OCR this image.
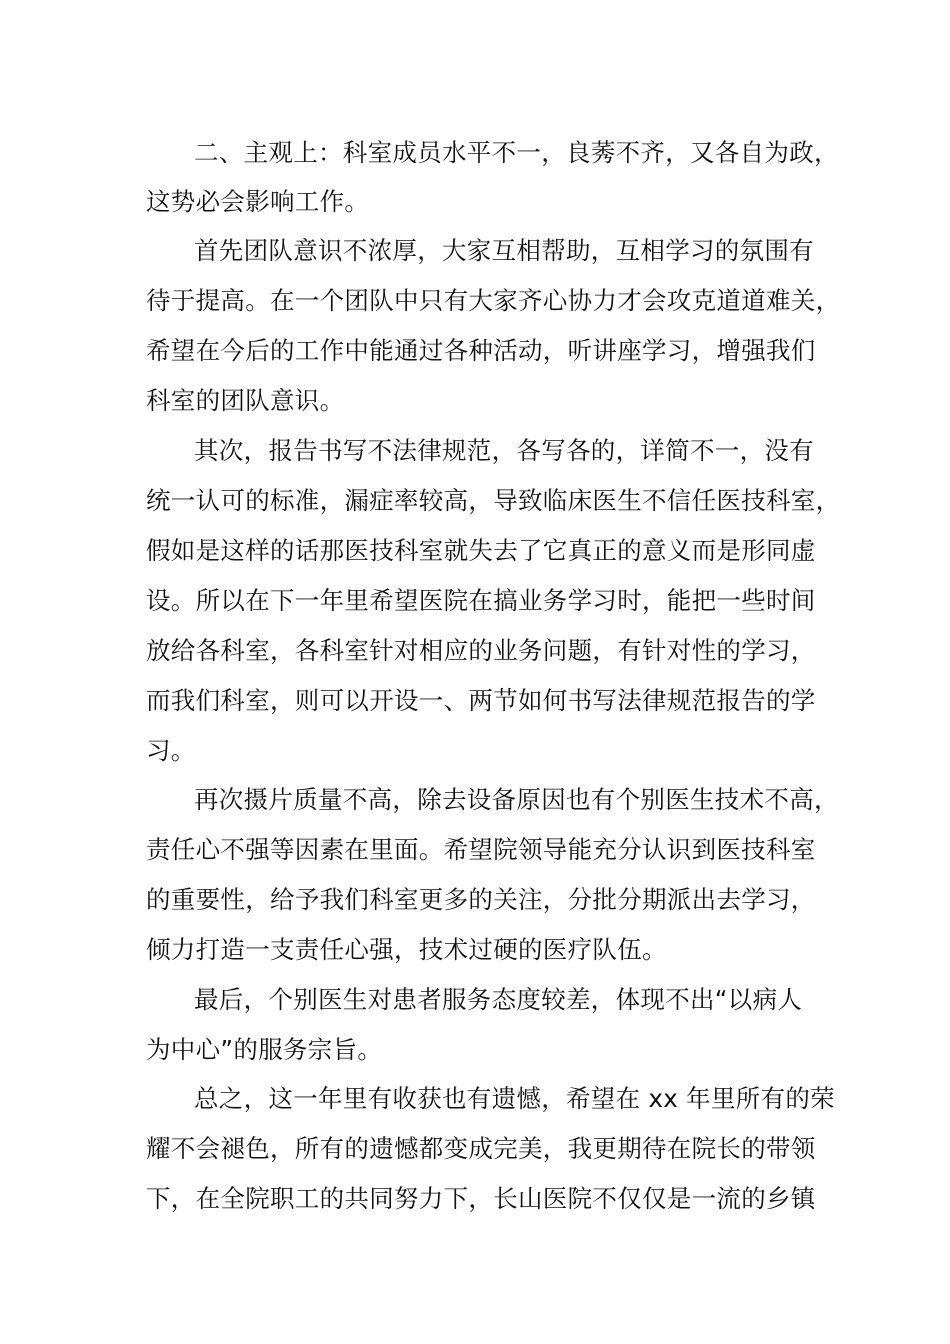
二、主观上：科室成员水平不一，良莠不齐，又各自为政，
这势必会影响工作。
首先团队意识不浓厚，大家互相帮助，互相学习的氛围有
待于提高。在一个团队中只有大家齐心协力才会攻克道道难关，
希望在今后的工作中能通过各种活动，听讲座学习，增强我们
科室的团队意识。
其次，报告书写不法律规范，各写各的，详简不一，没有
统一认可的标准，漏症率较高，导致临床医生不信任医技科室，
假如是这样的话那医技科室就失去了它真正的意义而是形同虚
设。所以在下一年里希望医院在搞业务学习时，能把一些时间
放给各科室，各科室针对相应的业务问题，有针对性的学习，
而我们科室，则可以开设一、两节如何书写法律规范报告的学
习。
再次摄片质量不高，除去设备原因也有个别医生技术不高，
责任心不强等因素在里面。希望院领导能充分认识到医技科室
的重要性，给予我们科室更多的关注，分批分期派出去学习，
倾力打造一支责任心强，技术过硬的医疗队伍。
最后，个别医生对患者服务态度较差，体现不出“以病人
为中心”的服务宗旨。
总之，这一年里有收获也有遗憾，希望在 xx 年里所有的荣
耀不会褪色，所有的遗憾都变成完美，我更期待在院长的带领
下，在全院职工的共同努力下，长山医院不仅仅是一流的乡镇
